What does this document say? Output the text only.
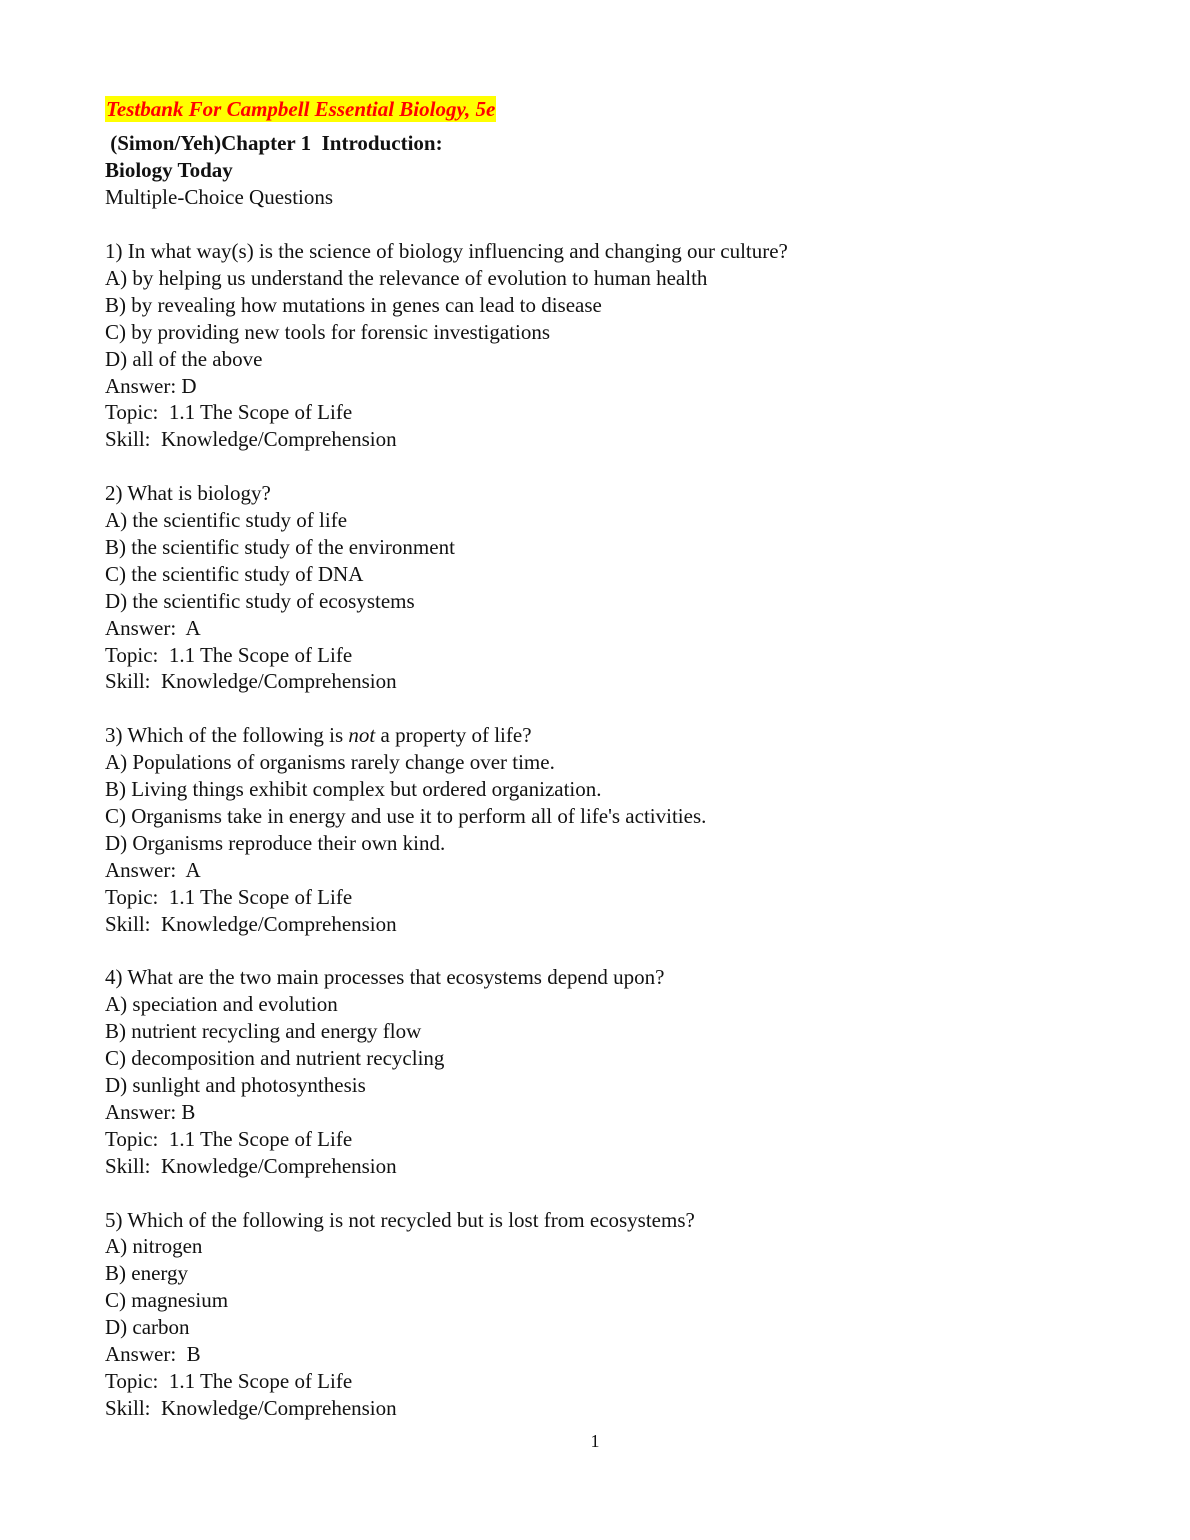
Testbank For Campbell Essential Biology, 5e
(Simon/Yeh)Chapter 1  Introduction:
Biology Today
Multiple-Choice Questions
1) In what way(s) is the science of biology influencing and changing our culture?
A) by helping us understand the relevance of evolution to human health
B) by revealing how mutations in genes can lead to disease
C) by providing new tools for forensic investigations
D) all of the above
Answer: D
Topic:  1.1 The Scope of Life
Skill:  Knowledge/Comprehension
2) What is biology?
A) the scientific study of life
B) the scientific study of the environment
C) the scientific study of DNA
D) the scientific study of ecosystems
Answer:  A
Topic:  1.1 The Scope of Life
Skill:  Knowledge/Comprehension
3) Which of the following is not a property of life?
A) Populations of organisms rarely change over time.
B) Living things exhibit complex but ordered organization.
C) Organisms take in energy and use it to perform all of life's activities.
D) Organisms reproduce their own kind.
Answer:  A
Topic:  1.1 The Scope of Life
Skill:  Knowledge/Comprehension
4) What are the two main processes that ecosystems depend upon?
A) speciation and evolution
B) nutrient recycling and energy flow
C) decomposition and nutrient recycling
D) sunlight and photosynthesis
Answer: B
Topic:  1.1 The Scope of Life
Skill:  Knowledge/Comprehension
5) Which of the following is not recycled but is lost from ecosystems?
A) nitrogen
B) energy
C) magnesium
D) carbon
Answer:  B
Topic:  1.1 The Scope of Life
Skill:  Knowledge/Comprehension
1
